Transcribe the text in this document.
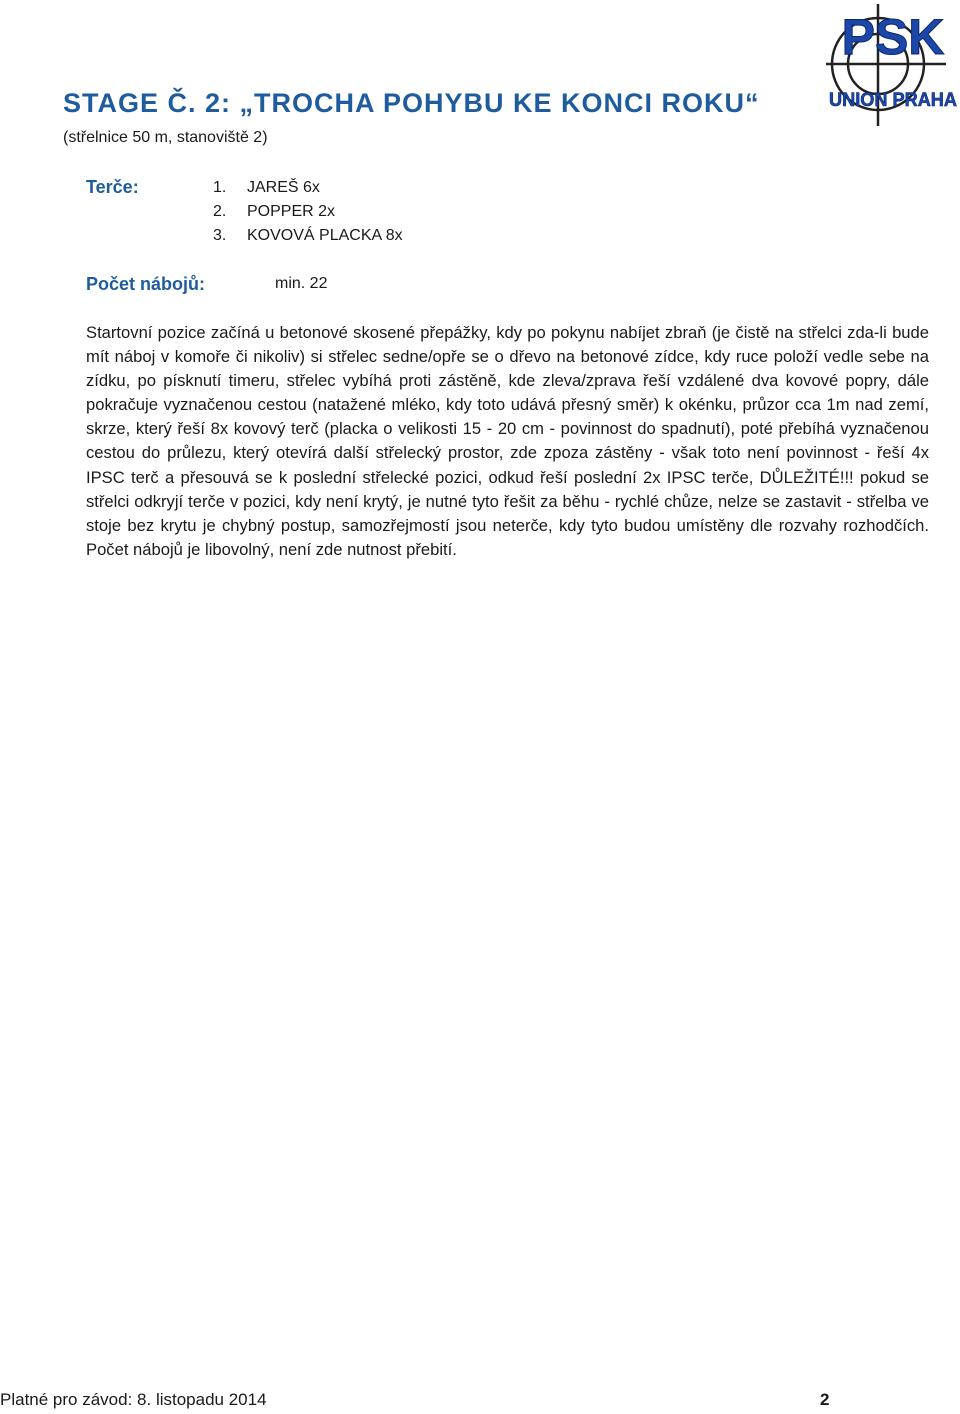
PSK
UNION PRAHA
STAGE Č. 2: „TROCHA POHYBU KE KONCI ROKU“
(střelnice 50 m, stanoviště 2)
Terče:	1. JAREŠ 6x
2. POPPER 2x
3. KOVOVÁ PLACKA 8x
Počet nábojů:	min. 22

Startovní pozice začíná u betonové skosené přepážky, kdy po pokynu nabíjet zbraň (je čistě na střelci zda-li bude mít náboj v komoře či nikoliv) si střelec sedne/opře se o dřevo na betonové zídce, kdy ruce položí vedle sebe na zídku, po písknutí timeru, střelec vybíhá proti zástěně, kde zleva/zprava řeší vzdálené dva kovové popry, dále pokračuje vyznačenou cestou (natažené mléko, kdy toto udává přesný směr) k okénku, průzor cca 1m nad zemí, skrze, který řeší 8x kovový terč (placka o velikosti 15 - 20 cm - povinnost do spadnutí), poté přebíhá vyznačenou cestou do průlezu, který otevírá další střelecký prostor, zde zpoza zástěny - však toto není povinnost - řeší 4x IPSC terč a přesouvá se k poslední střelecké pozici, odkud řeší poslední 2x IPSC terče, DŮLEŽITÉ!!! pokud se střelci odkryjí terče v pozici, kdy není krytý, je nutné tyto řešit za běhu - rychlé chůze, nelze se zastavit - střelba ve stoje bez krytu je chybný postup, samozřejmostí jsou neterče, kdy tyto budou umístěny dle rozvahy rozhodčích. Počet nábojů je libovolný, není zde nutnost přebití.

Platné pro závod: 8. listopadu 2014	2
